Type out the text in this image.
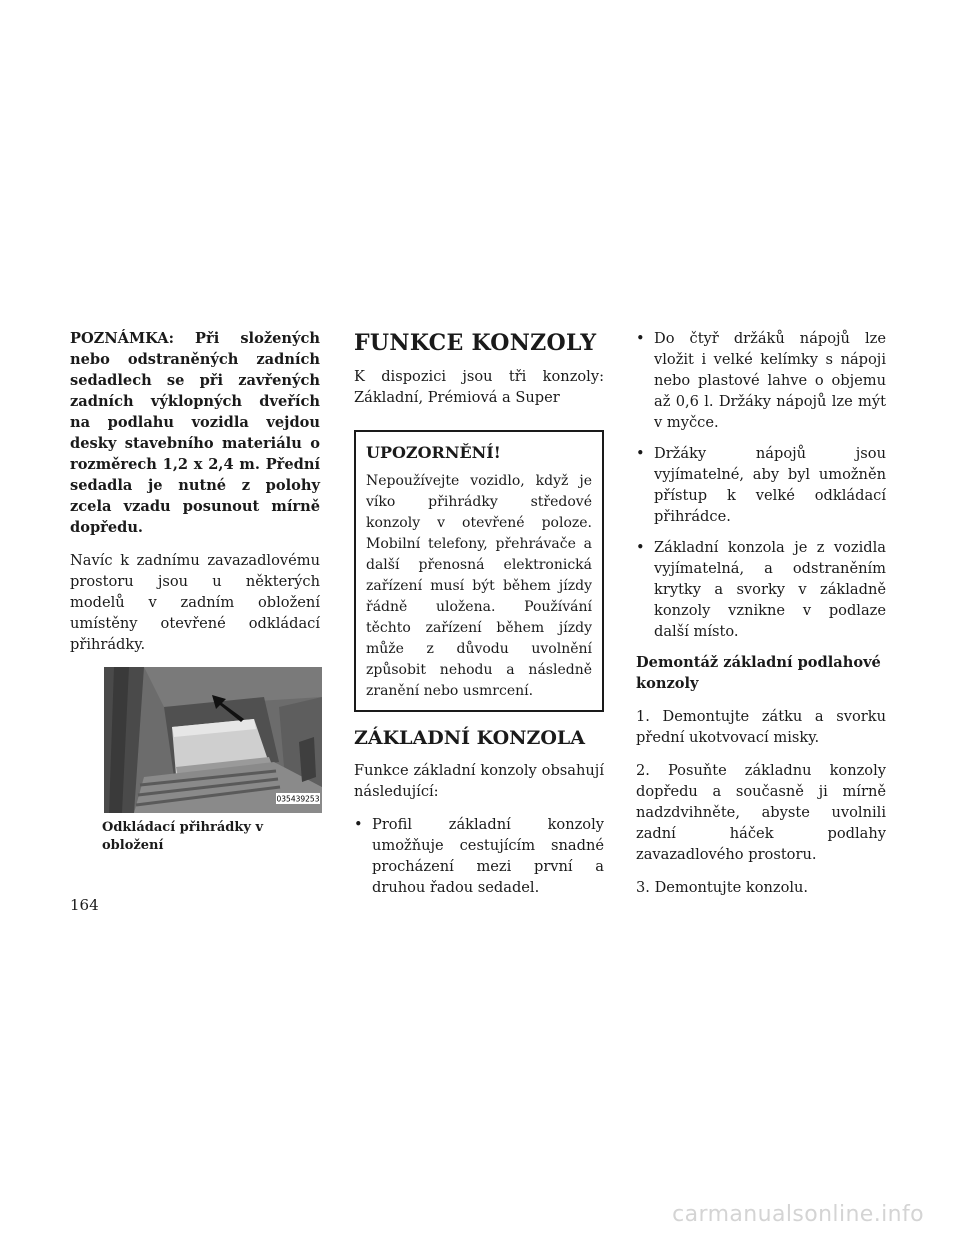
POZNÁMKA: Při složených nebo odstraněných zadních sedadlech se při zavřených zadních výklopných dveřích na podlahu vozidla vejdou desky stavebního materiálu o rozměrech 1,2 x 2,4 m. Přední sedadla je nutné z polohy zcela vzadu posunout mírně dopředu.

Navíc k zadnímu zavazadlovému prostoru jsou u některých modelů v zadním obložení umístěny otevřené odkládací přihrádky.

035439253
Odkládací přihrádky v obložení
FUNKCE KONZOLY

K dispozici jsou tři konzoly: Základní, Prémiová a Super

UPOZORNĚNÍ!

Nepoužívejte vozidlo, když je víko přihrádky středové konzoly v otevřené poloze. Mobilní telefony, přehrávače a další přenosná elektronická zařízení musí být během jízdy řádně uložena. Používání těchto zařízení během jízdy může z důvodu uvolnění způsobit nehodu a následně zranění nebo usmrcení.

ZÁKLADNÍ KONZOLA

Funkce základní konzoly obsahují následující:

• Profil základní konzoly umožňuje cestujícím snadné procházení mezi první a druhou řadou sedadel.
• Do čtyř držáků nápojů lze vložit i velké kelímky s nápoji nebo plastové lahve o objemu až 0,6 l. Držáky nápojů lze mýt v myčce.
• Držáky nápojů jsou vyjímatelné, aby byl umožněn přístup k velké odkládací přihrádce.
• Základní konzola je z vozidla vyjímatelná, a odstraněním krytky a svorky v základně konzoly vznikne v podlaze další místo.

Demontáž základní podlahové konzoly

1. Demontujte zátku a svorku přední ukotvovací misky.

2. Posuňte základnu konzoly dopředu a současně ji mírně nadzdvihněte, abyste uvolnili zadní háček podlahy zavazadlového prostoru.

3. Demontujte konzolu.

164
carmanualsonline.info
